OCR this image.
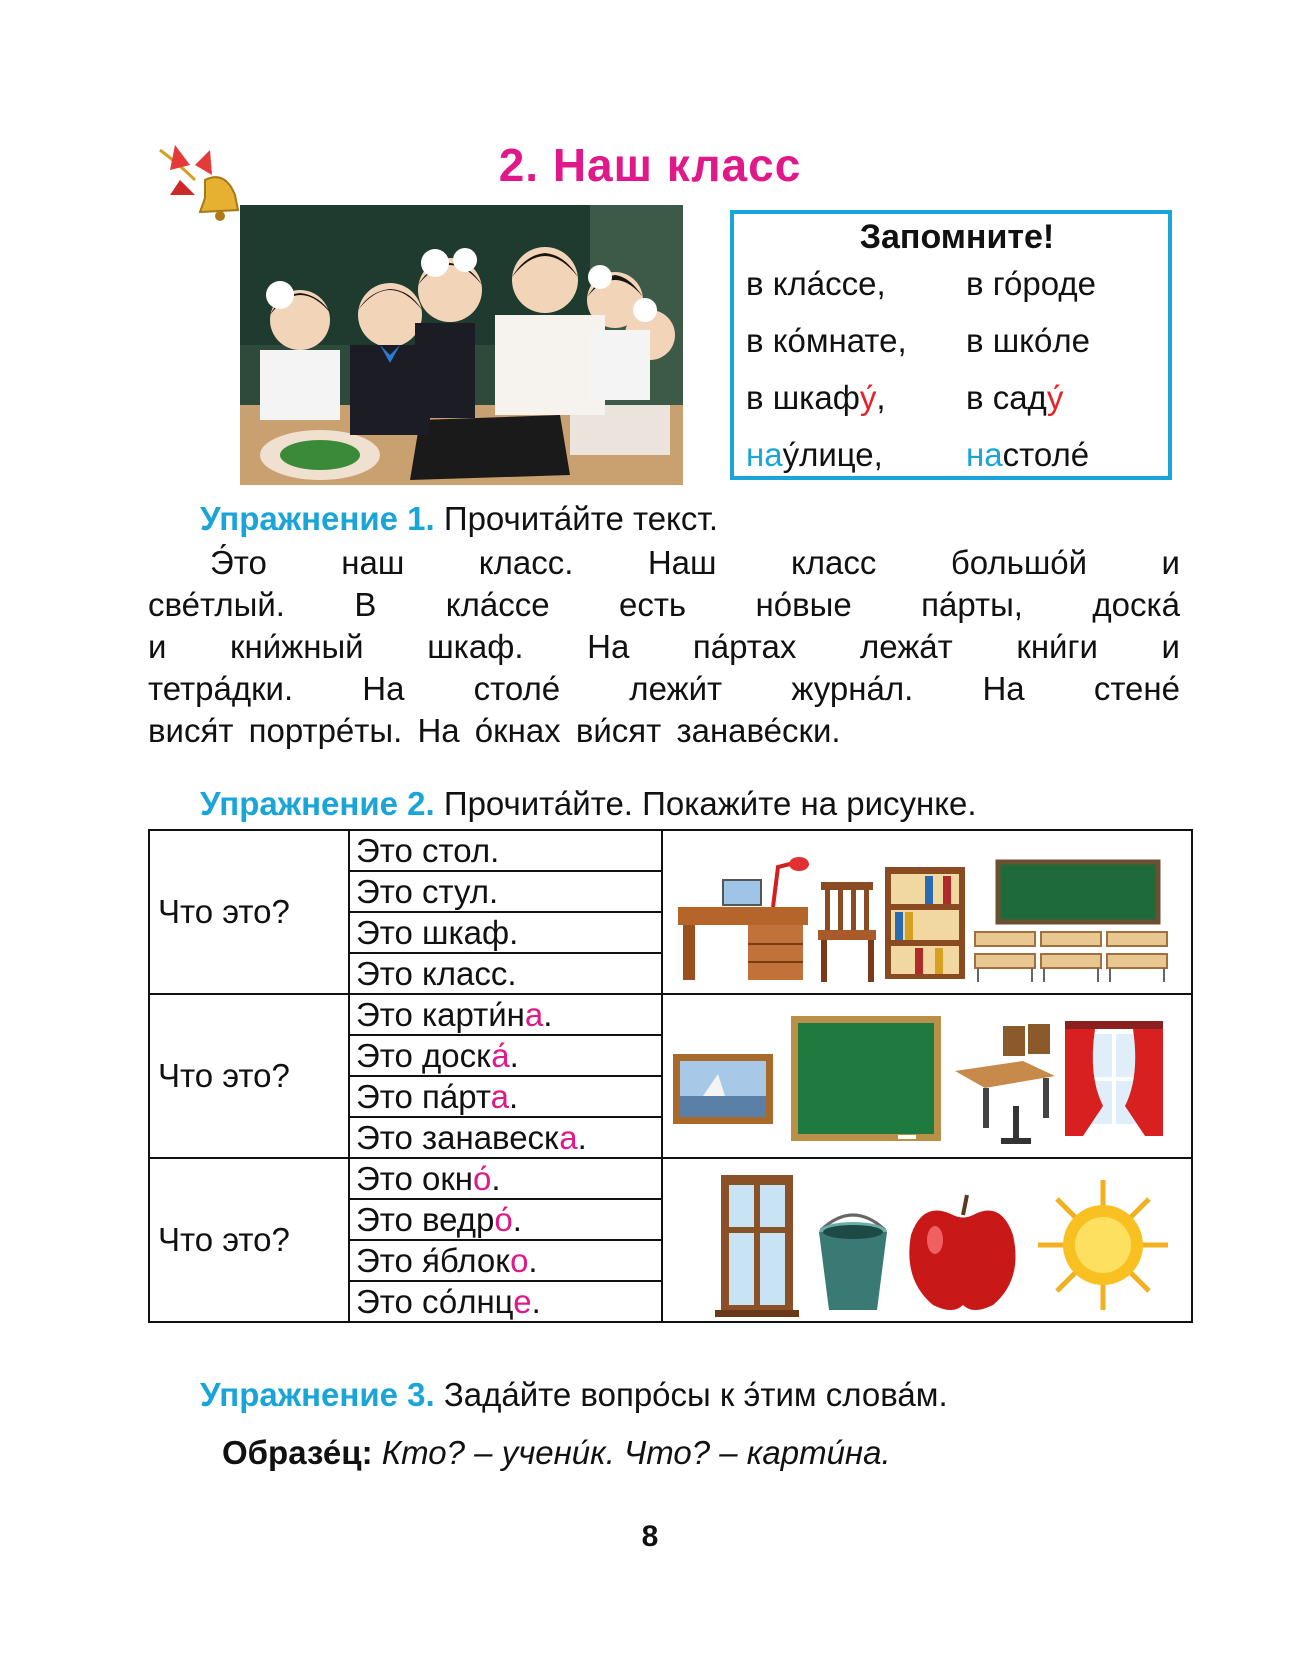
2. Наш класс
Запомните!
в кла́ссе, в го́роде
в ко́мнате, в шко́ле
в шкафу́, в саду́
нау́лице,	настоле́
Упражнение 1. Прочита́йте текст.
Э́то наш класс. Наш класс большо́й и
све́тлый. В кла́ссе есть но́вые па́рты, доска́
и кни́жный шкаф. На па́ртах лежа́т кни́ги и
тетра́дки. На столе́ лежи́т журна́л. На стене́
вися́т портре́ты. На о́кнах ви́сят занаве́ски.
Упражнение 2. Прочита́йте. Покажи́те на рисунке.
Что это?	Это стол.	

	Это стул.	
	Это шкаф.	
	Это класс.	
Что это?	Это карти́на.	

	Это доска́.	
	Это па́рта.	
	Это занавеска.	
Что это?	Это окно́.	

	Это ведро́.	
	Это я́блоко.	
	Это со́лнце.	
Упражнение 3. Зада́йте вопро́сы к э́тим слова́м.
Образе́ц: Кто? – учени́к. Что? – карти́на.
8
